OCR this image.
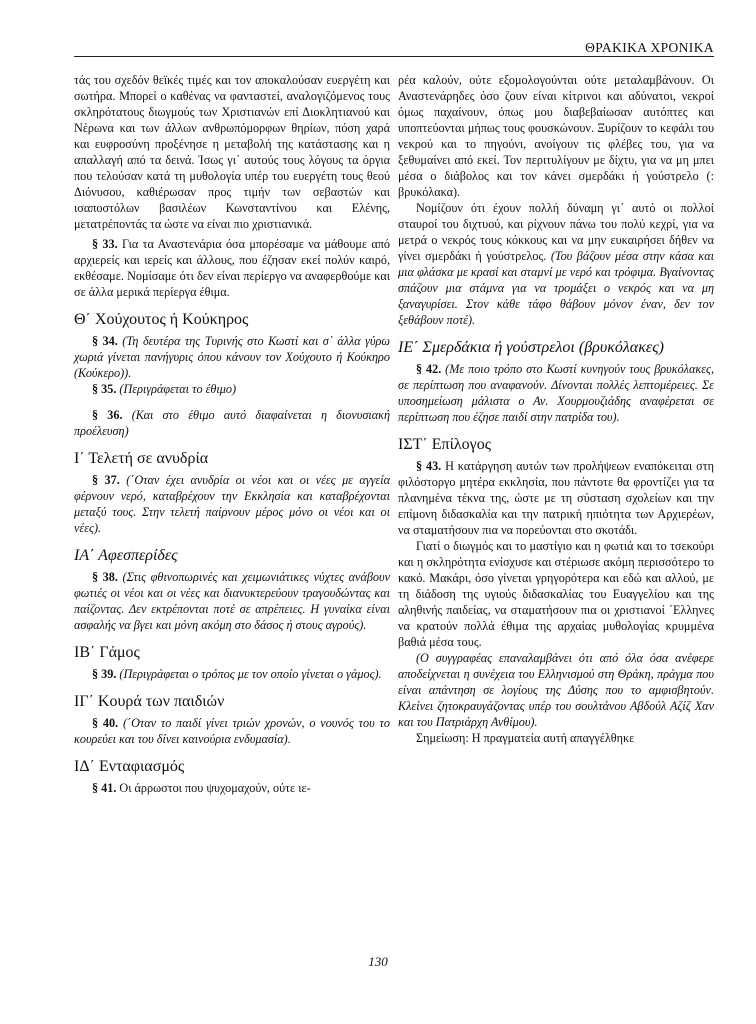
ΘΡΑΚΙΚΑ ΧΡΟΝΙΚΑ

τάς του σχεδόν θεϊκές τιμές και τον αποκαλούσαν ευεργέτη και σωτήρα. Μπορεί ο καθένας να φανταστεί, αναλογιζόμενος τους σκληρότατους διωγμούς των Χριστιανών επί Διοκλητιανού και Νέρωνα και των άλλων ανθρωπόμορφων θηρίων, πόση χαρά και ευφροσύνη προξένησε η μεταβολή της κατάστασης και η απαλλαγή από τα δεινά. Ίσως γι᾽ αυτούς τους λόγους τα όργια που τελούσαν κατά τη μυθολογία υπέρ του ευεργέτη τους θεού Διόνυσου, καθιέρωσαν προς τιμήν των σεβαστών και ισαποστόλων βασιλέων Κωνσταντίνου και Ελένης, μετατρέποντάς τα ώστε να είναι πιο χριστιανικά.

§ 33. Για τα Αναστενάρια όσα μπορέσαμε να μάθουμε από αρχιερείς και ιερείς και άλλους, που έζησαν εκεί πολύν καιρό, εκθέσαμε. Νομίσαμε ότι δεν είναι περίεργο να αναφερθούμε και σε άλλα μερικά περίεργα έθιμα.

Θ΄ Χούχουτος ή Κούκηρος

§ 34. (Τη δευτέρα της Τυρινής στο Κωστί και σ᾽ άλλα γύρω χωριά γίνεται πανήγυρις όπου κάνουν τον Χούχουτο ή Κούκηρο (Κούκερο)).

§ 35. (Περιγράφεται το έθιμο)

§ 36. (Και στο έθιμο αυτό διαφαίνεται η διονυσιακή προέλευση)

Ι΄ Τελετή σε ανυδρία

§ 37. (΄Οταν έχει ανυδρία οι νέοι και οι νέες με αγγεία φέρνουν νερό, καταβρέχουν την Εκκλησία και καταβρέχονται μεταξύ τους. Στην τελετή παίρνουν μέρος μόνο οι νέοι και οι νέες).

ΙΑ΄ Αφεσπερίδες

§ 38. (Στις φθινοπωρινές και χειμωνιάτικες νύχτες ανάβουν φωτιές οι νέοι και οι νέες και διανυκτερεύουν τραγουδώντας και παίζοντας. Δεν εκτρέπονται ποτέ σε απρέπειες. Η γυναίκα είναι ασφαλής να βγει και μόνη ακόμη στο δάσος ή στους αγρούς).

ΙΒ΄ Γάμος

§ 39. (Περιγράφεται ο τρόπος με τον οποίο γίνεται ο γάμος).

ΙΓ΄ Κουρά των παιδιών

§ 40. (΄Οταν το παιδί γίνει τριών χρονών, ο νουνός του το κουρεύει και του δίνει καινούρια ενδυμασία).

ΙΔ΄ Ενταφιασμός

§ 41. Οι άρρωστοι που ψυχομαχούν, ούτε ιε-

ρέα καλούν, ούτε εξομολογούνται ούτε μεταλαμβάνουν. Οι Αναστενάρηδες όσο ζουν είναι κίτρινοι και αδύνατοι, νεκροί όμως παχαίνουν, όπως μου διαβεβαίωσαν αυτόπτες και υποπτεύονται μήπως τους φουσκώνουν. Ξυρίζουν το κεφάλι του νεκρού και το πηγούνι, ανοίγουν τις φλέβες του, για να ξεθυμαίνει από εκεί. Τον περιτυλίγουν με δίχτυ, για να μη μπει μέσα ο διάβολος και τον κάνει σμερδάκι ή γούστρελο (: βρυκόλακα).

Νομίζουν ότι έχουν πολλή δύναμη γι᾽ αυτό οι πολλοί σταυροί του διχτυού, και ρίχνουν πάνω του πολύ κεχρί, για να μετρά ο νεκρός τους κόκκους και να μην ευκαιρήσει δήθεν να γίνει σμερδάκι ή γούστρελος. (Του βάζουν μέσα στην κάσα και μια φλάσκα με κρασί και σταμνί με νερό και τρόφιμα. Βγαίνοντας σπάζουν μια στάμνα για να τρομάξει ο νεκρός και να μη ξαναγυρίσει. Στον κάθε τάφο θάβουν μόνον έναν, δεν τον ξεθάβουν ποτέ).

ΙΕ΄ Σμερδάκια ή γούστρελοι (βρυκόλακες)

§ 42. (Με ποιο τρόπο στο Κωστί κυνηγούν τους βρυκόλακες, σε περίπτωση που αναφανούν. Δίνονται πολλές λεπτομέρειες. Σε υποσημείωση μάλιστα ο Αν. Χουρμουζιάδης αναφέρεται σε περίπτωση που έζησε παιδί στην πατρίδα του).

ΙΣΤ΄ Επίλογος

§ 43. Η κατάργηση αυτών των προλήψεων εναπόκειται στη φιλόστοργο μητέρα εκκλησία, που πάντοτε θα φροντίζει για τα πλανημένα τέκνα της, ώστε με τη σύσταση σχολείων και την επίμονη διδασκαλία και την πατρική ηπιότητα των Αρχιερέων, να σταματήσουν πια να πορεύονται στο σκοτάδι.

Γιατί ο διωγμός και το μαστίγιο και η φωτιά και το τσεκούρι και η σκληρότητα ενίσχυσε και στέριωσε ακόμη περισσότερο το κακό. Μακάρι, όσο γίνεται γρηγορότερα και εδώ και αλλού, με τη διάδοση της υγιούς διδασκαλίας του Ευαγγελίου και της αληθινής παιδείας, να σταματήσουν πια οι χριστιανοί ΄Ελληνες να κρατούν πολλά έθιμα της αρχαίας μυθολογίας κρυμμένα βαθιά μέσα τους.

(Ο συγγραφέας επαναλαμβάνει ότι από όλα όσα ανέφερε αποδείχνεται η συνέχεια του Ελληνισμού στη Θράκη, πράγμα που είναι απάντηση σε λογίους της Δύσης που το αμφισβητούν. Κλείνει ζητοκραυγάζοντας υπέρ του σουλτάνου Αβδούλ Αζίζ Χαν και του Πατριάρχη Ανθίμου).

Σημείωση: Η πραγματεία αυτή απαγγέλθηκε

130
